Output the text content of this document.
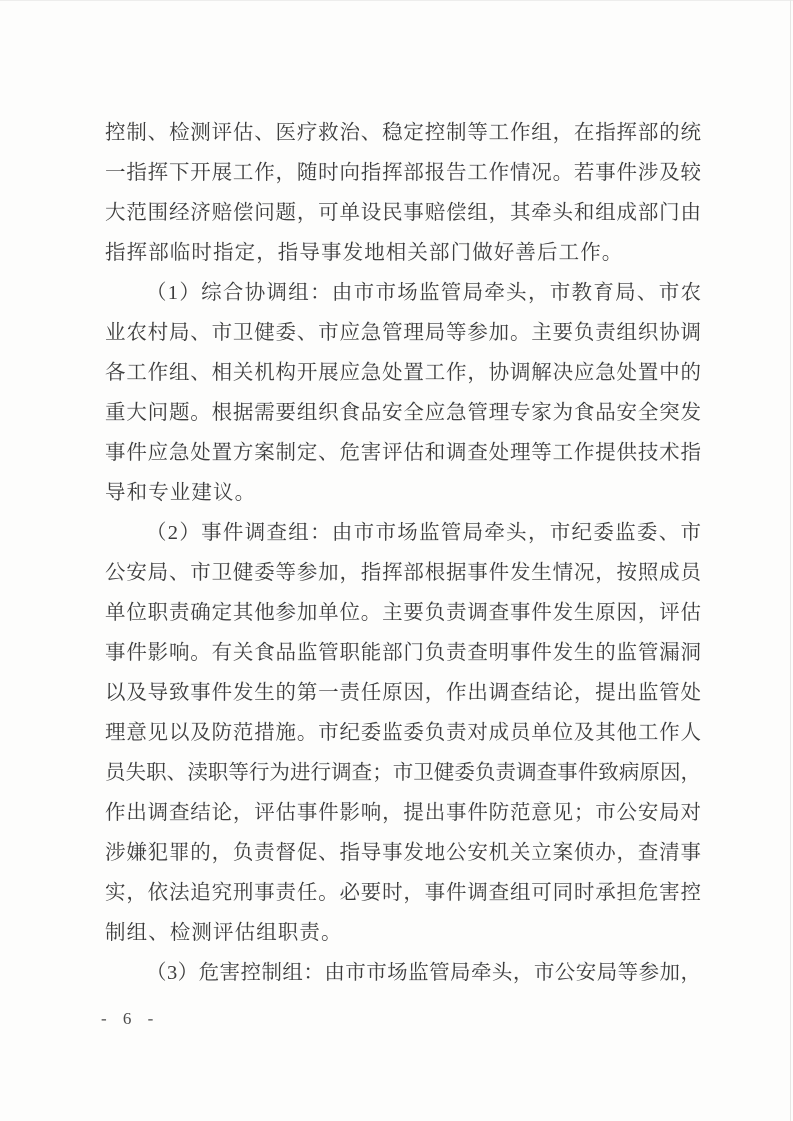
控制、检测评估、医疗救治、稳定控制等工作组，在指挥部的统
一指挥下开展工作，随时向指挥部报告工作情况。若事件涉及较
大范围经济赔偿问题，可单设民事赔偿组，其牵头和组成部门由
指挥部临时指定，指导事发地相关部门做好善后工作。
（1）综合协调组：由市市场监管局牵头，市教育局、市农
业农村局、市卫健委、市应急管理局等参加。主要负责组织协调
各工作组、相关机构开展应急处置工作，协调解决应急处置中的
重大问题。根据需要组织食品安全应急管理专家为食品安全突发
事件应急处置方案制定、危害评估和调查处理等工作提供技术指
导和专业建议。
（2）事件调查组：由市市场监管局牵头，市纪委监委、市
公安局、市卫健委等参加，指挥部根据事件发生情况，按照成员
单位职责确定其他参加单位。主要负责调查事件发生原因，评估
事件影响。有关食品监管职能部门负责查明事件发生的监管漏洞
以及导致事件发生的第一责任原因，作出调查结论，提出监管处
理意见以及防范措施。市纪委监委负责对成员单位及其他工作人
员失职、渎职等行为进行调查；市卫健委负责调查事件致病原因，
作出调查结论，评估事件影响，提出事件防范意见；市公安局对
涉嫌犯罪的，负责督促、指导事发地公安机关立案侦办，查清事
实，依法追究刑事责任。必要时，事件调查组可同时承担危害控
制组、检测评估组职责。
（3）危害控制组：由市市场监管局牵头，市公安局等参加，
- 6 -
